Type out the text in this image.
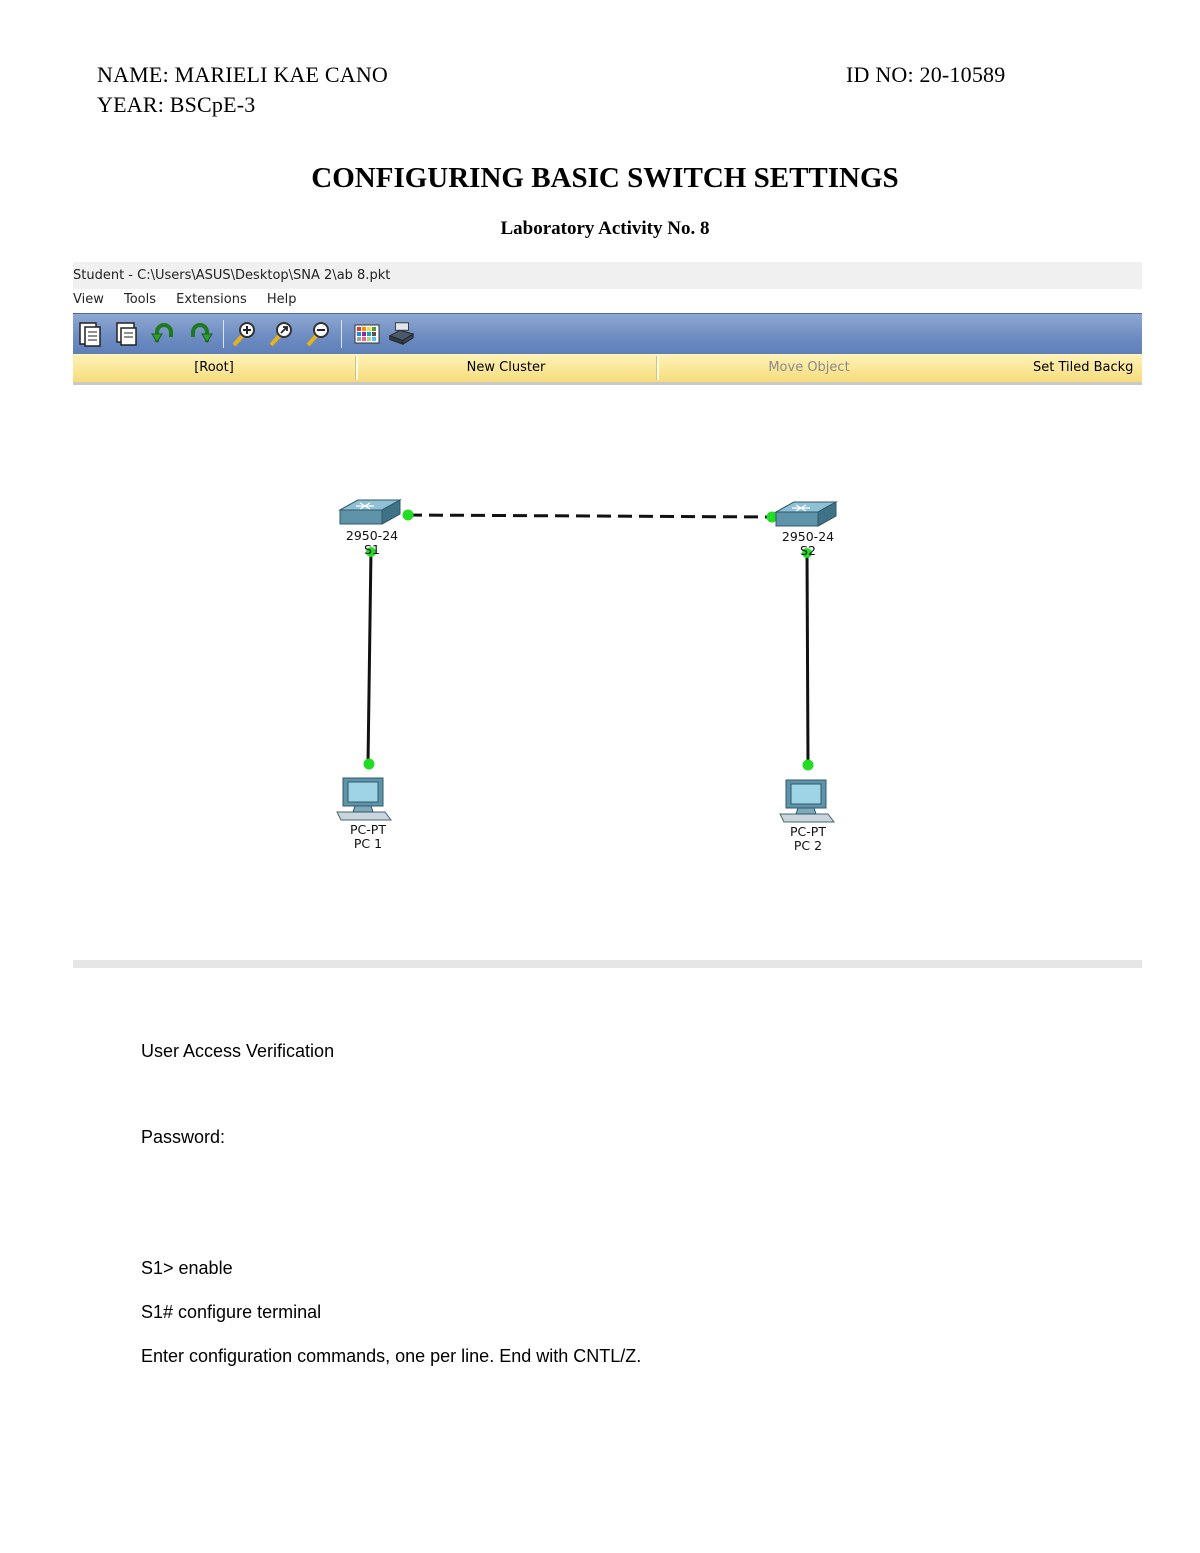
NAME: MARIELI KAE CANO
YEAR: BSCpE-3
ID NO: 20-10589
CONFIGURING BASIC SWITCH SETTINGS
Laboratory Activity No. 8
Student - C:\Users\ASUS\Desktop\SNA 2\ab 8.pkt
View Tools Extensions Help
[Root]	New Cluster	Move Object	Set Tiled Backg
2950-24
S1
2950-24
S2
PC-PT
PC 1
PC-PT
PC 2
User Access Verification
Password:
S1> enable
S1# configure terminal
Enter configuration commands, one per line. End with CNTL/Z.
